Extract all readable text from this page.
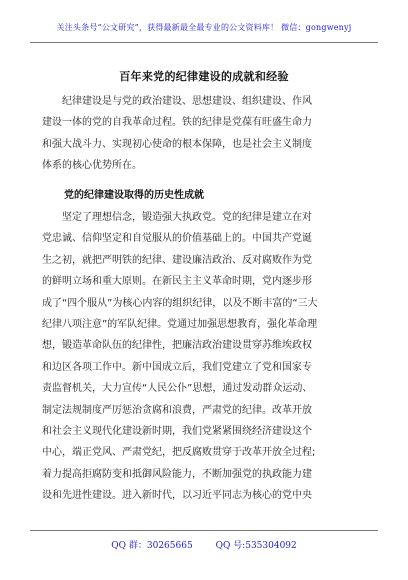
关注头条号“公文研究”，获得最新最全最专业的公文资料库！ 微信：gongwenyj
百年来党的纪律建设的成就和经验
纪律建设是与党的政治建设、思想建设、组织建设、作风
建设一体的党的自我革命过程。铁的纪律是党葆有旺盛生命力
和强大战斗力、实现初心使命的根本保障，也是社会主义制度
体系的核心优势所在。
党的纪律建设取得的历史性成就
坚定了理想信念，锻造强大执政党。党的纪律是建立在对
党忠诚、信仰坚定和自觉服从的价值基础上的。中国共产党诞
生之初，就把严明铁的纪律、建设廉洁政治、反对腐败作为党
的鲜明立场和重大原则。在新民主主义革命时期，党内逐步形
成了“四个服从”为核心内容的组织纪律，以及不断丰富的“三大
纪律八项注意”的军队纪律。党通过加强思想教育，强化革命理
想，锻造革命队伍的纪律性，把廉洁政治建设贯穿苏维埃政权
和边区各项工作中。新中国成立后，我们党建立了党和国家专
责监督机关，大力宣传“人民公仆”思想，通过发动群众运动、
制定法规制度严厉惩治贪腐和浪费，严肃党的纪律。改革开放
和社会主义现代化建设新时期，我们党紧紧围绕经济建设这个
中心，端正党风、严肃党纪，把反腐败贯穿于改革开放全过程;
着力提高拒腐防变和抵御风险能力，不断加强党的执政能力建
设和先进性建设。进入新时代，以习近平同志为核心的党中央
QQ 群：30265665	QQ 号:535304092
